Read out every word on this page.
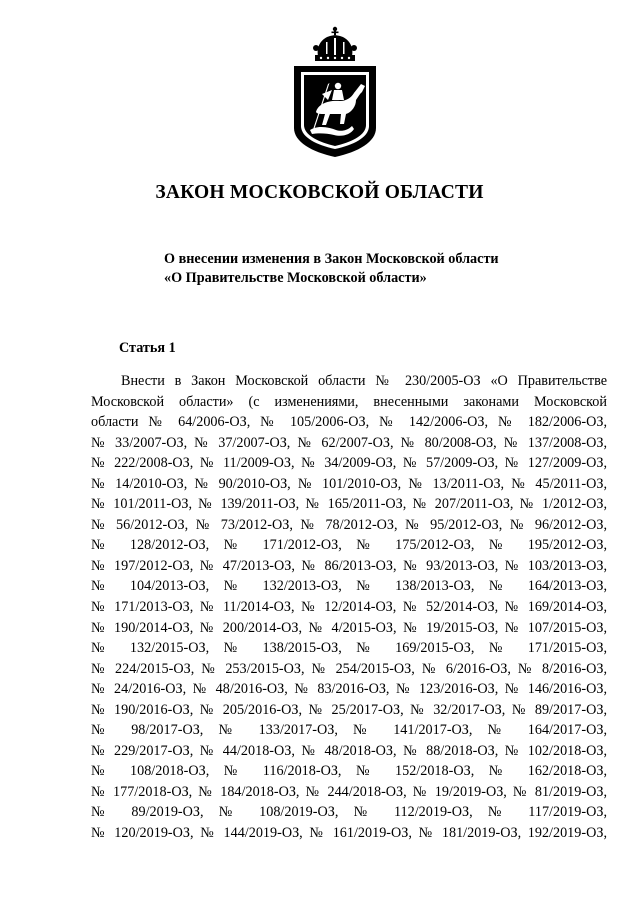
ЗАКОН МОСКОВСКОЙ ОБЛАСТИ
О внесении изменения в Закон Московской области
«О Правительстве Московской области»
Статья 1
Внести в Закон Московской области № 230/2005-ОЗ «О Правительстве
Московской области» (с изменениями, внесенными законами Московской
области № 64/2006-ОЗ, № 105/2006-ОЗ, № 142/2006-ОЗ, № 182/2006-ОЗ,
№ 33/2007-ОЗ, № 37/2007-ОЗ, № 62/2007-ОЗ, № 80/2008-ОЗ, № 137/2008-ОЗ,
№ 222/2008-ОЗ, № 11/2009-ОЗ, № 34/2009-ОЗ, № 57/2009-ОЗ, № 127/2009-ОЗ,
№ 14/2010-ОЗ, № 90/2010-ОЗ, № 101/2010-ОЗ, № 13/2011-ОЗ, № 45/2011-ОЗ,
№ 101/2011-ОЗ, № 139/2011-ОЗ, № 165/2011-ОЗ, № 207/2011-ОЗ, № 1/2012-ОЗ,
№ 56/2012-ОЗ, № 73/2012-ОЗ, № 78/2012-ОЗ, № 95/2012-ОЗ, № 96/2012-ОЗ,
№ 128/2012-ОЗ, № 171/2012-ОЗ, № 175/2012-ОЗ, № 195/2012-ОЗ,
№ 197/2012-ОЗ, № 47/2013-ОЗ, № 86/2013-ОЗ, № 93/2013-ОЗ, № 103/2013-ОЗ,
№ 104/2013-ОЗ, № 132/2013-ОЗ, № 138/2013-ОЗ, № 164/2013-ОЗ,
№ 171/2013-ОЗ, № 11/2014-ОЗ, № 12/2014-ОЗ, № 52/2014-ОЗ, № 169/2014-ОЗ,
№ 190/2014-ОЗ, № 200/2014-ОЗ, № 4/2015-ОЗ, № 19/2015-ОЗ, № 107/2015-ОЗ,
№ 132/2015-ОЗ, № 138/2015-ОЗ, № 169/2015-ОЗ, № 171/2015-ОЗ,
№ 224/2015-ОЗ, № 253/2015-ОЗ, № 254/2015-ОЗ, № 6/2016-ОЗ, № 8/2016-ОЗ,
№ 24/2016-ОЗ, № 48/2016-ОЗ, № 83/2016-ОЗ, № 123/2016-ОЗ, № 146/2016-ОЗ,
№ 190/2016-ОЗ, № 205/2016-ОЗ, № 25/2017-ОЗ, № 32/2017-ОЗ, № 89/2017-ОЗ,
№ 98/2017-ОЗ, № 133/2017-ОЗ, № 141/2017-ОЗ, № 164/2017-ОЗ,
№ 229/2017-ОЗ, № 44/2018-ОЗ, № 48/2018-ОЗ, № 88/2018-ОЗ, № 102/2018-ОЗ,
№ 108/2018-ОЗ, № 116/2018-ОЗ, № 152/2018-ОЗ, № 162/2018-ОЗ,
№ 177/2018-ОЗ, № 184/2018-ОЗ, № 244/2018-ОЗ, № 19/2019-ОЗ, № 81/2019-ОЗ,
№ 89/2019-ОЗ, № 108/2019-ОЗ, № 112/2019-ОЗ, № 117/2019-ОЗ,
№ 120/2019-ОЗ, № 144/2019-ОЗ, № 161/2019-ОЗ, № 181/2019-ОЗ, 192/2019-ОЗ,
